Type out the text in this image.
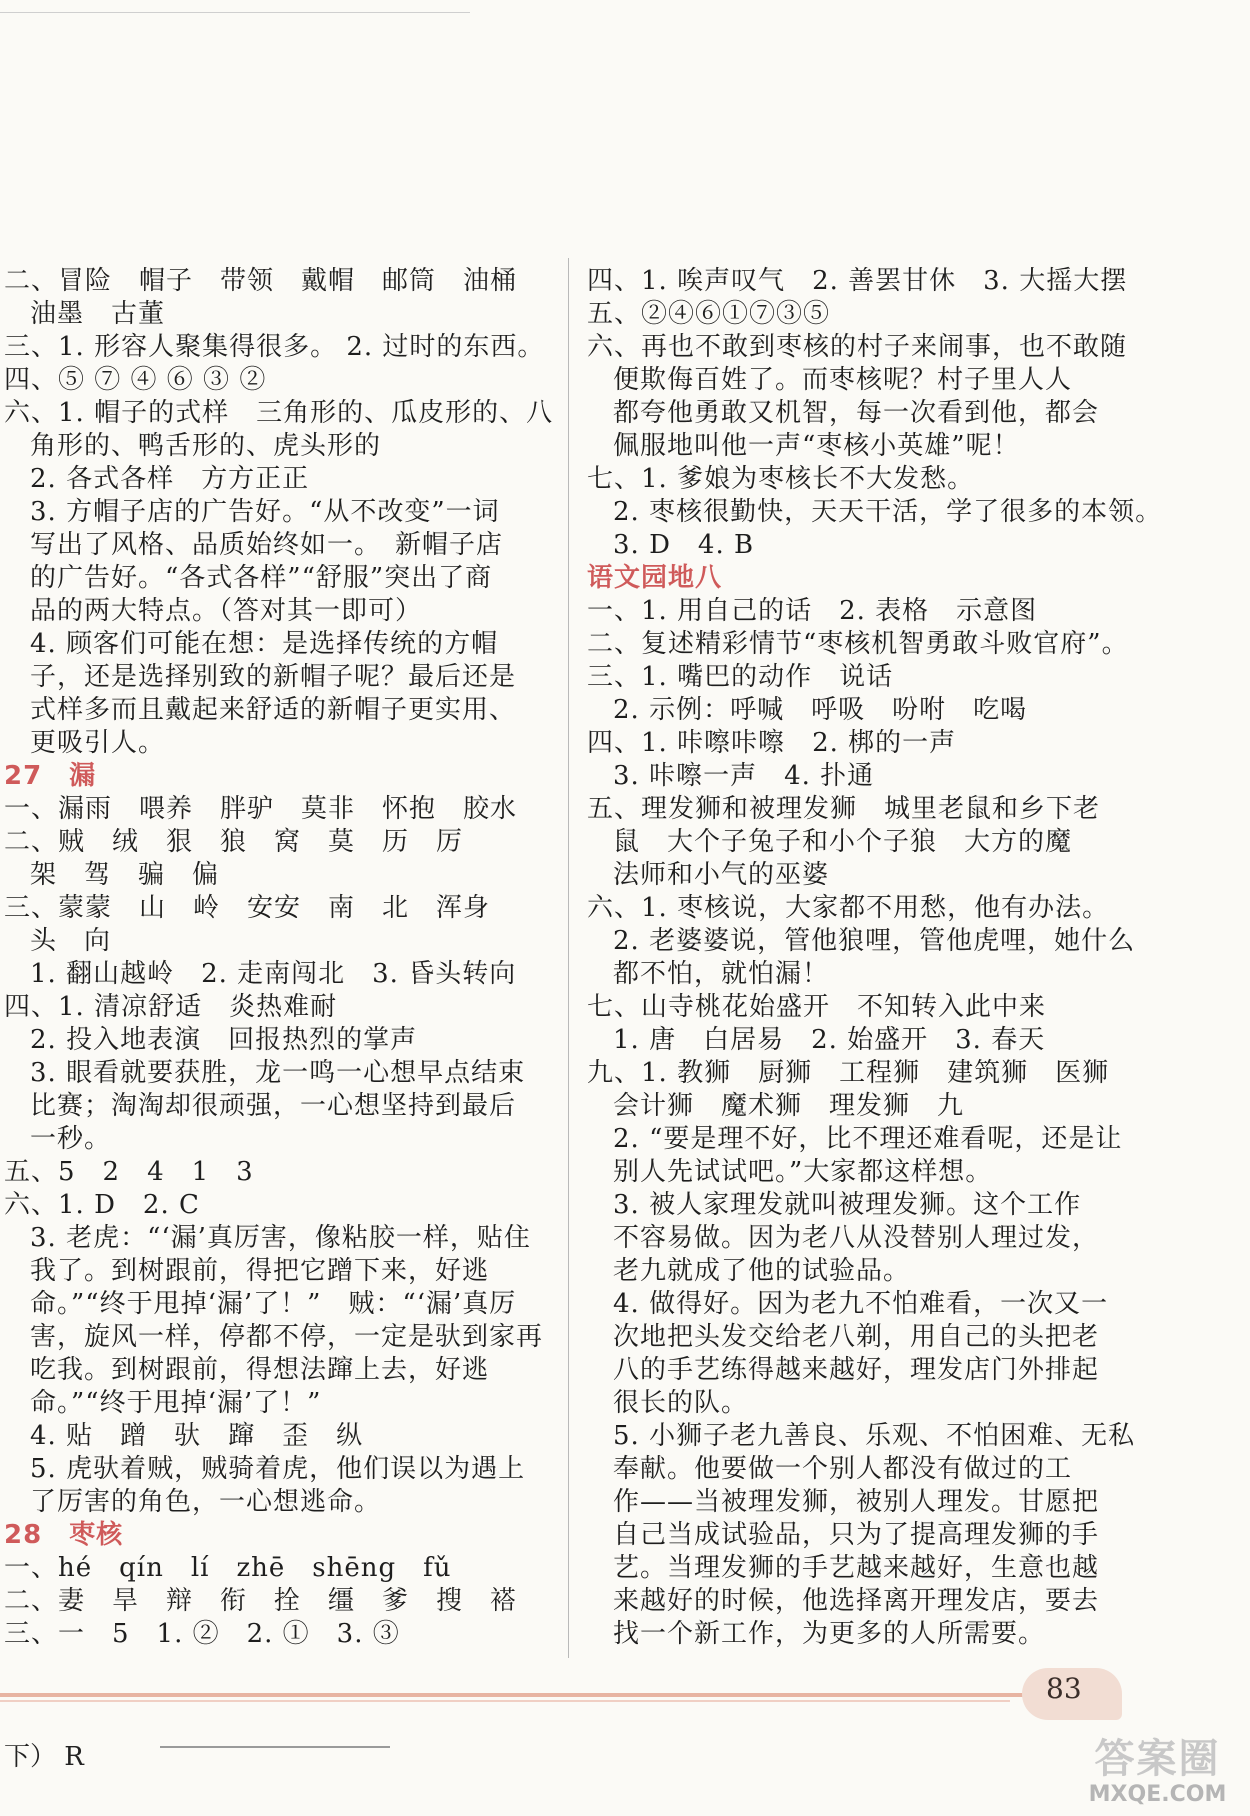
二、冒险　帽子　带领　戴帽　邮筒　油桶
油墨　古董
三、1. 形容人聚集得很多。 2. 过时的东西。
四、⑤ ⑦ ④ ⑥ ③ ②
六、1. 帽子的式样　三角形的、瓜皮形的、八
角形的、鸭舌形的、虎头形的
2. 各式各样　方方正正
3. 方帽子店的广告好。“从不改变”一词
写出了风格、品质始终如一。　新帽子店
的广告好。“各式各样”“舒服”突出了商
品的两大特点。（答对其一即可）
4. 顾客们可能在想：是选择传统的方帽
子，还是选择别致的新帽子呢？最后还是
式样多而且戴起来舒适的新帽子更实用、
更吸引人。
27　漏
一、漏雨　喂养　胖驴　莫非　怀抱　胶水
二、贼　绒　狠　狼　窝　莫　历　厉
架　驾　骗　偏
三、蒙蒙　山　岭　安安　南　北　浑身
头　向
1. 翻山越岭　2. 走南闯北　3. 昏头转向
四、1. 清凉舒适　炎热难耐
2. 投入地表演　回报热烈的掌声
3. 眼看就要获胜，龙一鸣一心想早点结束
比赛；淘淘却很顽强，一心想坚持到最后
一秒。
五、5　2　4　1　3
六、1. D　2. C
3. 老虎：“‘漏’真厉害，像粘胶一样，贴住
我了。到树跟前，得把它蹭下来，好逃
命。”“终于甩掉‘漏’了！”　贼：“‘漏’真厉
害，旋风一样，停都不停，一定是驮到家再
吃我。到树跟前，得想法蹿上去，好逃
命。”“终于甩掉‘漏’了！”
4. 贴　蹭　驮　蹿　歪　纵
5. 虎驮着贼，贼骑着虎，他们误以为遇上
了厉害的角色，一心想逃命。
28　枣核
一、hé　qín　lí　zhē　shēng　fǔ
二、妻　旱　辩　衔　拴　缰　爹　搜　褡
三、一　5　1. ②　2. ①　3. ③
四、1. 唉声叹气　2. 善罢甘休　3. 大摇大摆
五、②④⑥①⑦③⑤
六、再也不敢到枣核的村子来闹事，也不敢随
便欺侮百姓了。而枣核呢？村子里人人
都夸他勇敢又机智，每一次看到他，都会
佩服地叫他一声“枣核小英雄”呢！
七、1. 爹娘为枣核长不大发愁。
2. 枣核很勤快，天天干活，学了很多的本领。
3. D　4. B
语文园地八
一、1. 用自己的话　2. 表格　示意图
二、复述精彩情节“枣核机智勇敢斗败官府”。
三、1. 嘴巴的动作　说话
2. 示例：呼喊　呼吸　吩咐　吃喝
四、1. 咔嚓咔嚓　2. 梆的一声
3. 咔嚓一声　4. 扑通
五、理发狮和被理发狮　城里老鼠和乡下老
鼠　大个子兔子和小个子狼　大方的魔
法师和小气的巫婆
六、1. 枣核说，大家都不用愁，他有办法。
2. 老婆婆说，管他狼哩，管他虎哩，她什么
都不怕，就怕漏！
七、山寺桃花始盛开　不知转入此中来
1. 唐　白居易　2. 始盛开　3. 春天
九、1. 教狮　厨狮　工程狮　建筑狮　医狮
会计狮　魔术狮　理发狮　九
2. “要是理不好，比不理还难看呢，还是让
别人先试试吧。”大家都这样想。
3. 被人家理发就叫被理发狮。这个工作
不容易做。因为老八从没替别人理过发，
老九就成了他的试验品。
4. 做得好。因为老九不怕难看，一次又一
次地把头发交给老八剃，用自己的头把老
八的手艺练得越来越好，理发店门外排起
很长的队。
5. 小狮子老九善良、乐观、不怕困难、无私
奉献。他要做一个别人都没有做过的工
作——当被理发狮，被别人理发。甘愿把
自己当成试验品，只为了提高理发狮的手
艺。当理发狮的手艺越来越好，生意也越
来越好的时候，他选择离开理发店，要去
找一个新工作，为更多的人所需要。
83
下） R	答案圈
MXQE.COM
